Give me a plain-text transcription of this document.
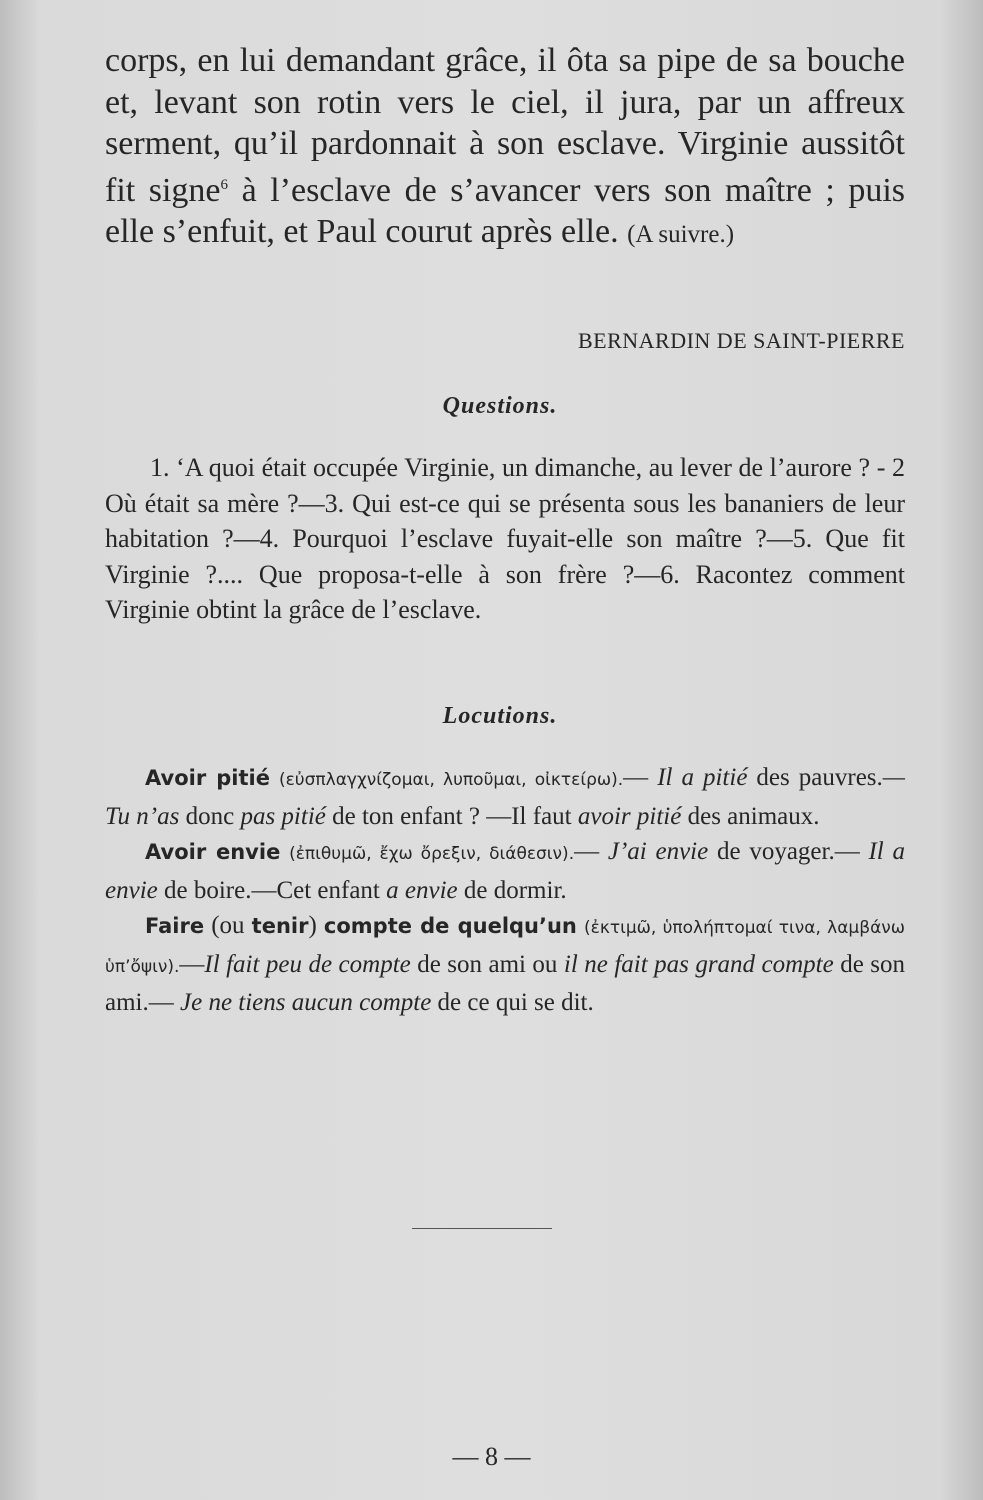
corps, en lui demandant grâce, il ôta sa pipe de sa bouche et, levant son rotin vers le ciel, il jura, par un affreux serment, qu’il pardonnait à son esclave. Virginie aussitôt fit signe$^6$ à l’esclave de s’avancer vers son maître ; puis elle s’enfuit, et Paul courut après elle. (A suivre.)

BERNARDIN DE SAINT-PIERRE
Questions.

1. ‘A quoi était occupée Virginie, un dimanche, au lever de l’aurore ? - 2 Où était sa mère ?—3. Qui est-ce qui se présenta sous les bananiers de leur habitation ?—4. Pourquoi l’esclave fuyait-elle son maître ?—5. Que fit Virginie ?.... Que proposa-t-elle à son frère ?—6. Racontez comment Virginie obtint la grâce de l’esclave.

Locutions.

Avoir pitié (εὐσπλαγχνίζομαι, λυποῦμαι, οἰκτείρω).— Il a pitié des pauvres.—Tu n’as donc pas pitié de ton enfant ? —Il faut avoir pitié des animaux.

Avoir envie (ἐπιθυμῶ, ἔχω ὄρεξιν, διάθεσιν).— J’ai envie de voyager.— Il a envie de boire.—Cet enfant a envie de dormir.

Faire (ou tenir) compte de quelqu’un (ἐκτιμῶ, ὑπολήπτομαί τινα, λαμβάνω ὑπ’ὄψιν).—Il fait peu de compte de son ami ou il ne fait pas grand compte de son ami.— Je ne tiens aucun compte de ce qui se dit.

— 8 —
